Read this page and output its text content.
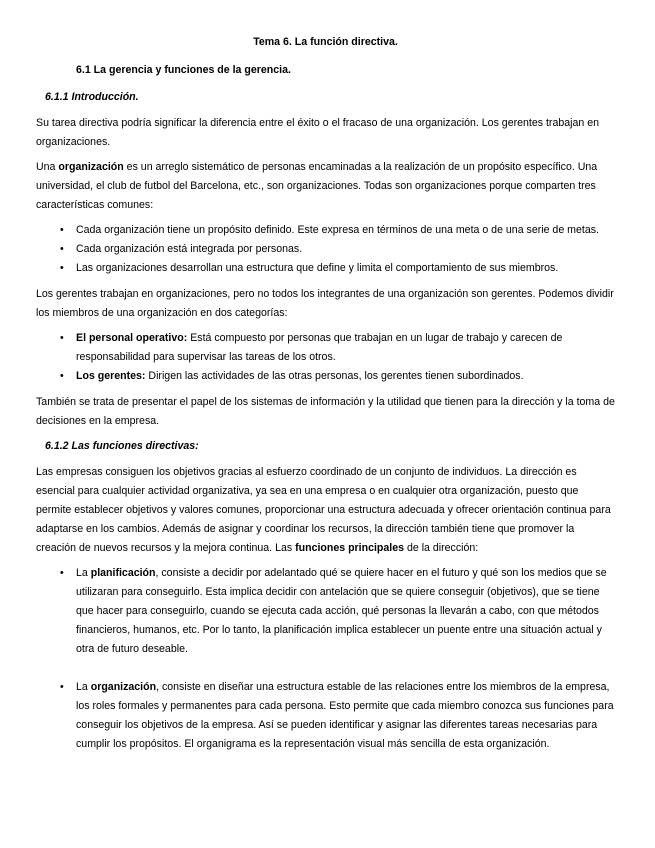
Tema 6. La función directiva.
6.1 La gerencia y funciones de la gerencia.
6.1.1 Introducción.

Su tarea directiva podría significar la diferencia entre el éxito o el fracaso de una organización. Los gerentes trabajan en organizaciones.

Una organización es un arreglo sistemático de personas encaminadas a la realización de un propósito específico. Una universidad, el club de futbol del Barcelona, etc., son organizaciones. Todas son organizaciones porque comparten tres características comunes:

• Cada organización tiene un propósito definido. Este expresa en términos de una meta o de una serie de metas.
• Cada organización está integrada por personas.
• Las organizaciones desarrollan una estructura que define y limita el comportamiento de sus miembros.

Los gerentes trabajan en organizaciones, pero no todos los integrantes de una organización son gerentes. Podemos dividir los miembros de una organización en dos categorías:

• El personal operativo: Está compuesto por personas que trabajan en un lugar de trabajo y carecen de responsabilidad para supervisar las tareas de los otros.
• Los gerentes: Dirigen las actividades de las otras personas, los gerentes tienen subordinados.

También se trata de presentar el papel de los sistemas de información y la utilidad que tienen para la dirección y la toma de decisiones en la empresa.

6.1.2 Las funciones directivas:

Las empresas consiguen los objetivos gracias al esfuerzo coordinado de un conjunto de individuos. La dirección es esencial para cualquier actividad organizativa, ya sea en una empresa o en cualquier otra organización, puesto que permite establecer objetivos y valores comunes, proporcionar una estructura adecuada y ofrecer orientación continua para adaptarse en los cambios. Además de asignar y coordinar los recursos, la dirección también tiene que promover la creación de nuevos recursos y la mejora continua. Las funciones principales de la dirección:

• La planificación, consiste a decidir por adelantado qué se quiere hacer en el futuro y qué son los medios que se utilizaran para conseguirlo. Esta implica decidir con antelación que se quiere conseguir (objetivos), que se tiene que hacer para conseguirlo, cuando se ejecuta cada acción, qué personas la llevarán a cabo, con que métodos financieros, humanos, etc. Por lo tanto, la planificación implica establecer un puente entre una situación actual y otra de futuro deseable.
• La organización, consiste en diseñar una estructura estable de las relaciones entre los miembros de la empresa, los roles formales y permanentes para cada persona. Esto permite que cada miembro conozca sus funciones para conseguir los objetivos de la empresa. Así se pueden identificar y asignar las diferentes tareas necesarias para cumplir los propósitos. El organigrama es la representación visual más sencilla de esta organización.
